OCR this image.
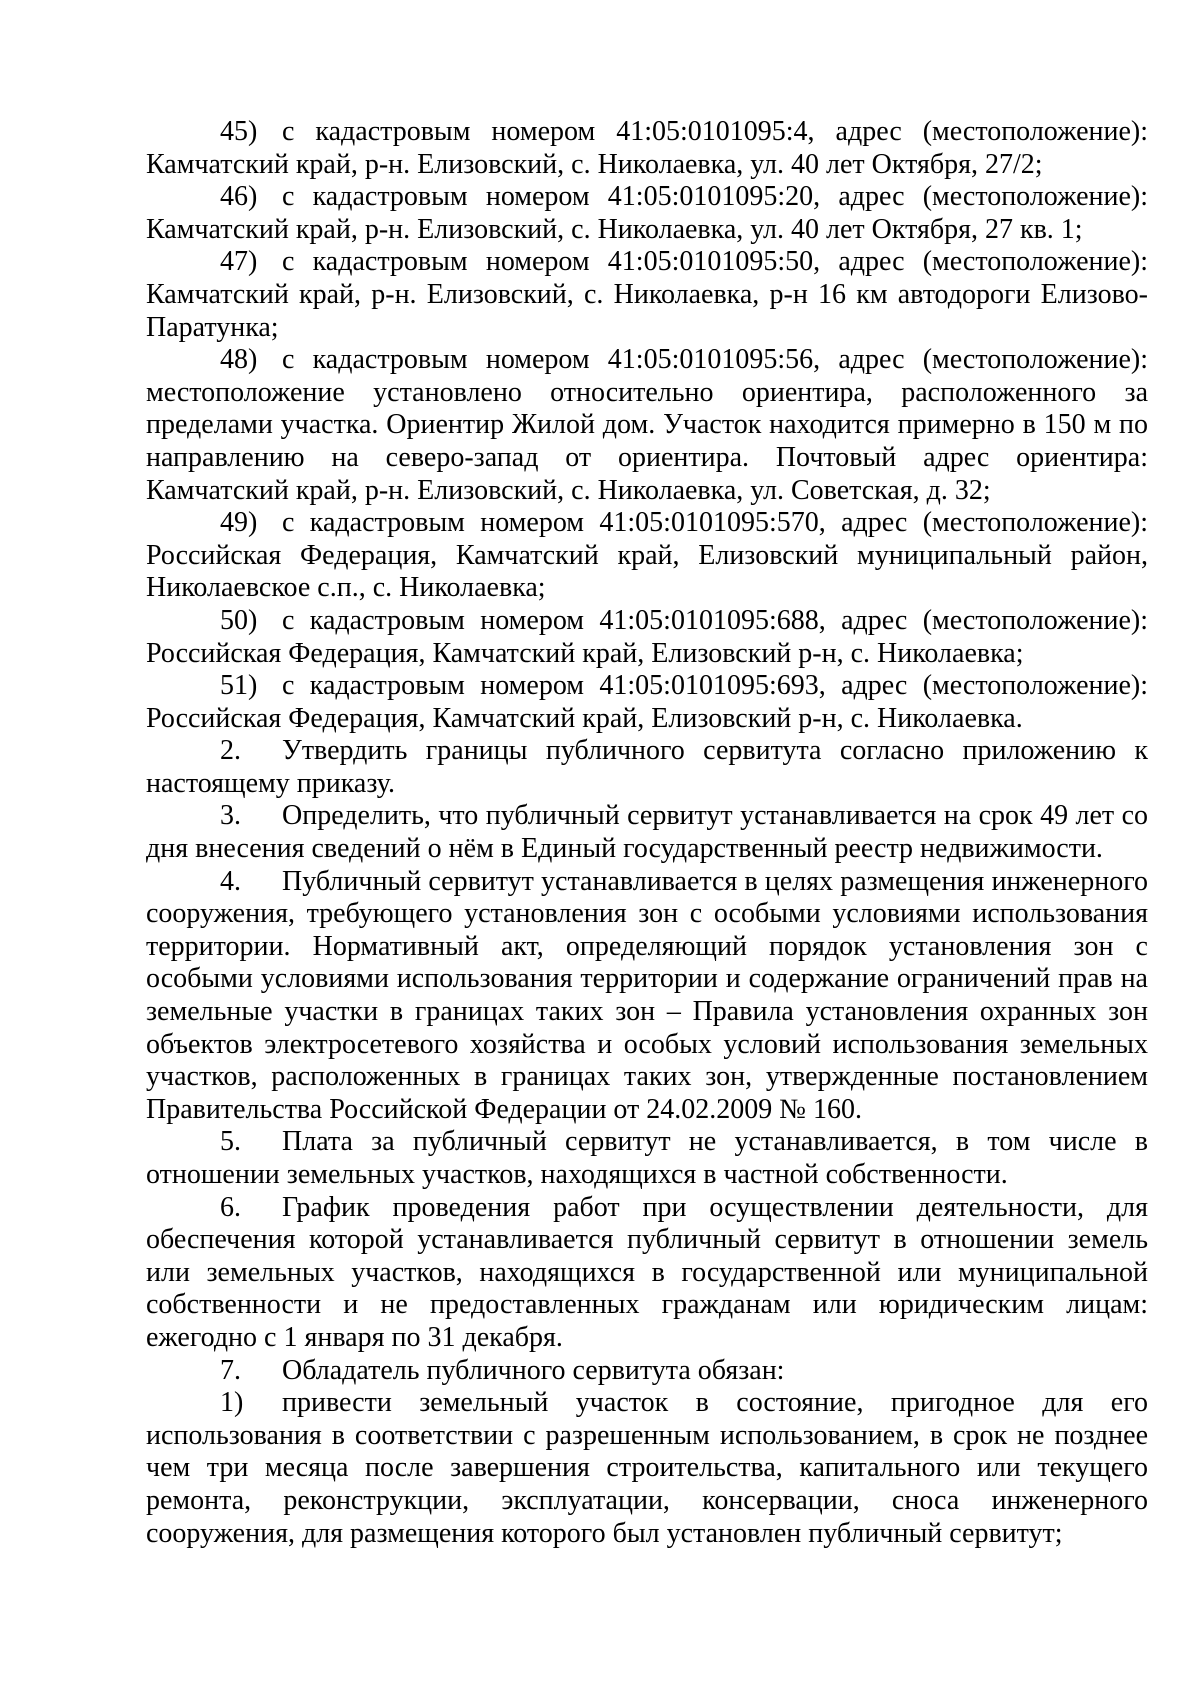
45) с кадастровым номером 41:05:0101095:4, адрес (местоположение): Камчатский край, р-н. Елизовский, с. Николаевка, ул. 40 лет Октября, 27/2;

46) с кадастровым номером 41:05:0101095:20, адрес (местоположение): Камчатский край, р-н. Елизовский, с. Николаевка, ул. 40 лет Октября, 27 кв. 1;

47) с кадастровым номером 41:05:0101095:50, адрес (местоположение): Камчатский край, р-н. Елизовский, с. Николаевка, р-н 16 км автодороги Елизово-Паратунка;

48) с кадастровым номером 41:05:0101095:56, адрес (местоположение): местоположение установлено относительно ориентира, расположенного за пределами участка. Ориентир Жилой дом. Участок находится примерно в 150 м по направлению на северо-запад от ориентира. Почтовый адрес ориентира: Камчатский край, р-н. Елизовский, с. Николаевка, ул. Советская, д. 32;

49) с кадастровым номером 41:05:0101095:570, адрес (местоположение): Российская Федерация, Камчатский край, Елизовский муниципальный район, Николаевское с.п., с. Николаевка;

50) с кадастровым номером 41:05:0101095:688, адрес (местоположение): Российская Федерация, Камчатский край, Елизовский р-н, с. Николаевка;

51) с кадастровым номером 41:05:0101095:693, адрес (местоположение): Российская Федерация, Камчатский край, Елизовский р-н, с. Николаевка.

2. Утвердить границы публичного сервитута согласно приложению к настоящему приказу.

3. Определить, что публичный сервитут устанавливается на срок 49 лет со дня внесения сведений о нём в Единый государственный реестр недвижимости.

4. Публичный сервитут устанавливается в целях размещения инженерного сооружения, требующего установления зон с особыми условиями использования территории. Нормативный акт, определяющий порядок установления зон с особыми условиями использования территории и содержание ограничений прав на земельные участки в границах таких зон – Правила установления охранных зон объектов электросетевого хозяйства и особых условий использования земельных участков, расположенных в границах таких зон, утвержденные постановлением Правительства Российской Федерации от 24.02.2009 № 160.

5. Плата за публичный сервитут не устанавливается, в том числе в отношении земельных участков, находящихся в частной собственности.

6. График проведения работ при осуществлении деятельности, для обеспечения которой устанавливается публичный сервитут в отношении земель или земельных участков, находящихся в государственной или муниципальной собственности и не предоставленных гражданам или юридическим лицам: ежегодно с 1 января по 31 декабря.

7. Обладатель публичного сервитута обязан:

1) привести земельный участок в состояние, пригодное для его использования в соответствии с разрешенным использованием, в срок не позднее чем три месяца после завершения строительства, капитального или текущего ремонта, реконструкции, эксплуатации, консервации, сноса инженерного сооружения, для размещения которого был установлен публичный сервитут;
